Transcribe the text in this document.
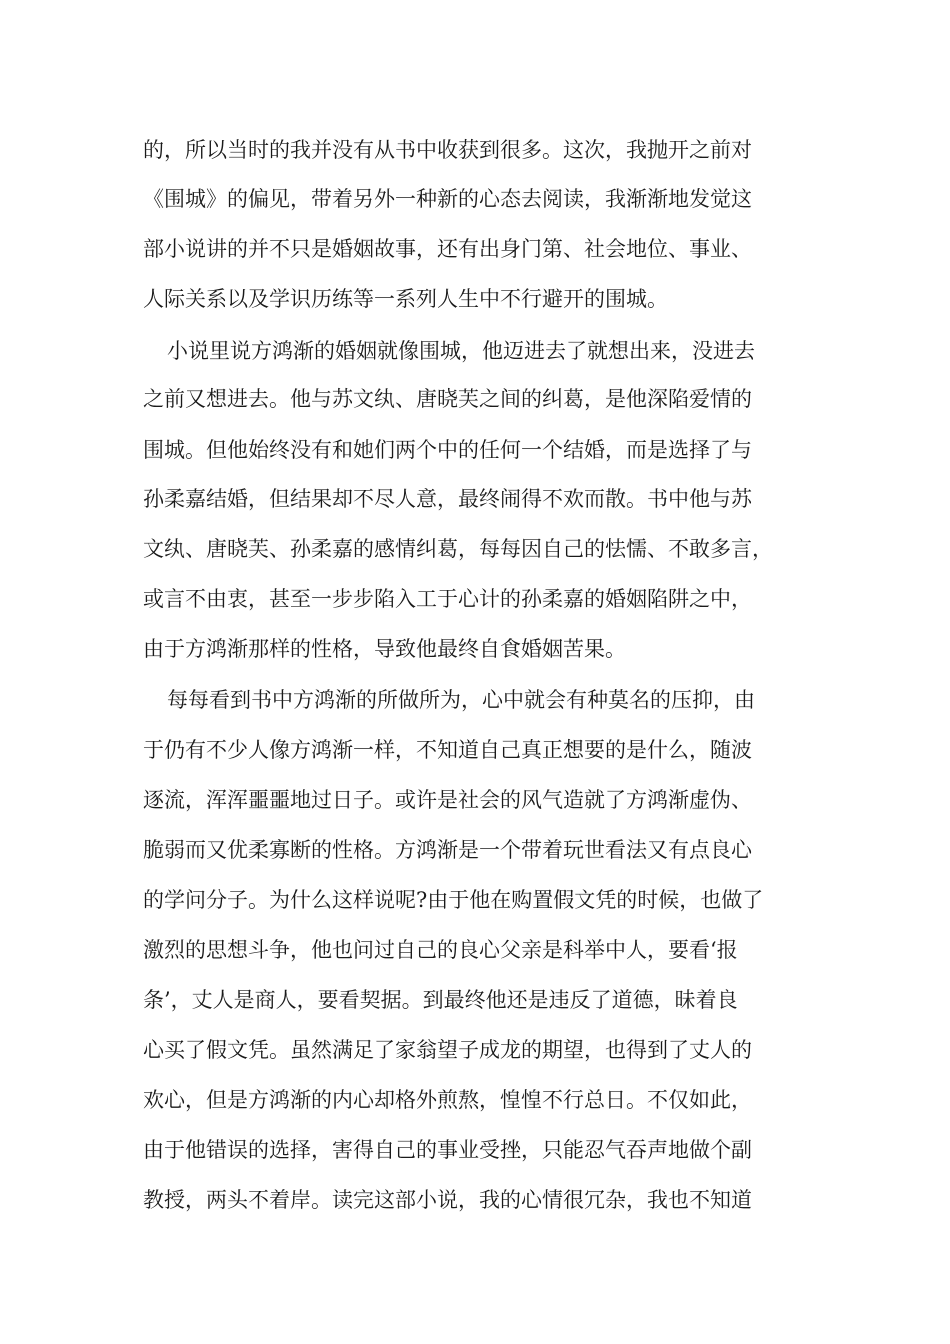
的，所以当时的我并没有从书中收获到很多。这次，我抛开之前对
《围城》的偏见，带着另外一种新的心态去阅读，我渐渐地发觉这
部小说讲的并不只是婚姻故事，还有出身门第、社会地位、事业、
人际关系以及学识历练等一系列人生中不行避开的围城。
小说里说方鸿渐的婚姻就像围城，他迈进去了就想出来，没进去
之前又想进去。他与苏文纨、唐晓芙之间的纠葛，是他深陷爱情的
围城。但他始终没有和她们两个中的任何一个结婚，而是选择了与
孙柔嘉结婚，但结果却不尽人意，最终闹得不欢而散。书中他与苏
文纨、唐晓芙、孙柔嘉的感情纠葛，每每因自己的怯懦、不敢多言，
或言不由衷，甚至一步步陷入工于心计的孙柔嘉的婚姻陷阱之中，
由于方鸿渐那样的性格，导致他最终自食婚姻苦果。
每每看到书中方鸿渐的所做所为，心中就会有种莫名的压抑，由
于仍有不少人像方鸿渐一样，不知道自己真正想要的是什么，随波
逐流，浑浑噩噩地过日子。或许是社会的风气造就了方鸿渐虚伪、
脆弱而又优柔寡断的性格。方鸿渐是一个带着玩世看法又有点良心
的学问分子。为什么这样说呢?由于他在购置假文凭的时候，也做了
激烈的思想斗争，他也问过自己的良心父亲是科举中人，要看‘报
条’，丈人是商人，要看契据。到最终他还是违反了道德，昧着良
心买了假文凭。虽然满足了家翁望子成龙的期望，也得到了丈人的
欢心，但是方鸿渐的内心却格外煎熬，惶惶不行总日。不仅如此，
由于他错误的选择，害得自己的事业受挫，只能忍气吞声地做个副
教授，两头不着岸。读完这部小说，我的心情很冗杂，我也不知道
